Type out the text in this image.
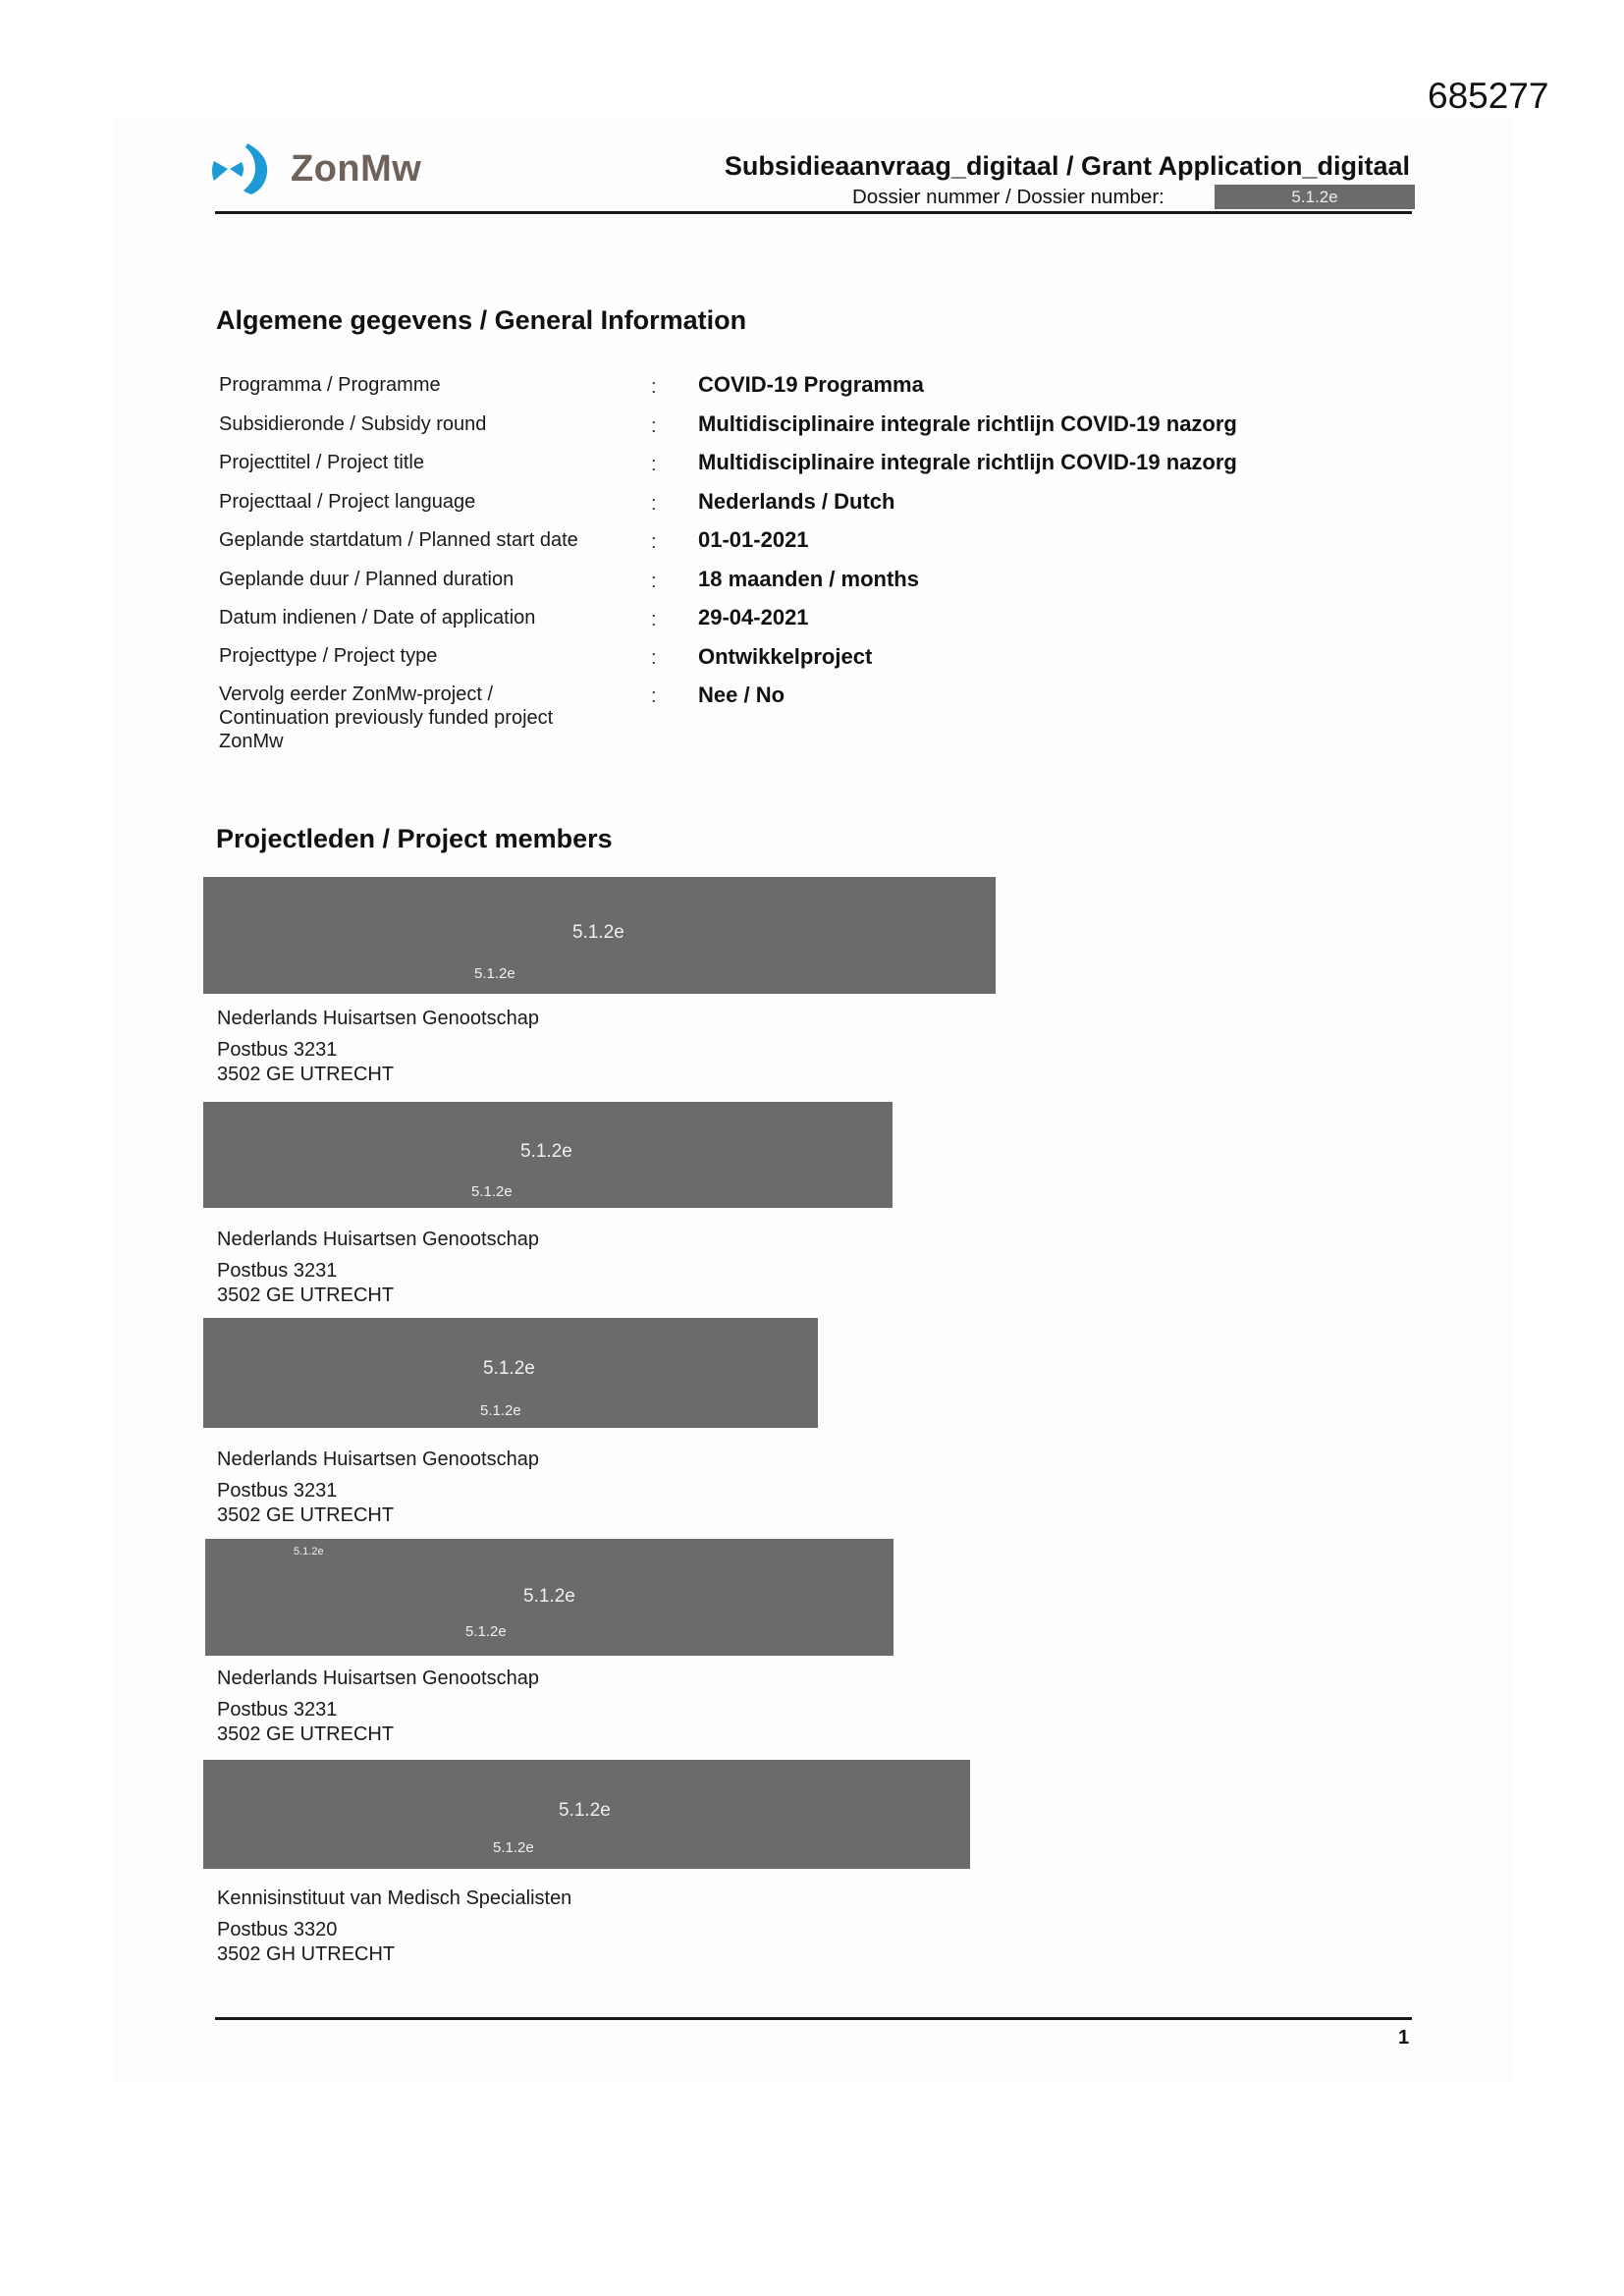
685277
ZonMw	Subsidieaanvraag_digitaal / Grant Application_digitaal
Dossier nummer / Dossier number:	5.1.2e
Algemene gegevens / General Information
Programma / Programme	: COVID-19 Programma
Subsidieronde / Subsidy round	: Multidisciplinaire integrale richtlijn COVID-19 nazorg
Projecttitel / Project title	: Multidisciplinaire integrale richtlijn COVID-19 nazorg
Projecttaal / Project language	: Nederlands / Dutch
Geplande startdatum / Planned start date	: 01-01-2021
Geplande duur / Planned duration	: 18 maanden / months
Datum indienen / Date of application	: 29-04-2021
Projecttype / Project type	: Ontwikkelproject
Vervolg eerder ZonMw-project /
Continuation previously funded project
ZonMw
: Nee / No
Projectleden / Project members
5.1.2e
5.1.2e
Nederlands Huisartsen Genootschap
Postbus 3231
3502 GE UTRECHT
5.1.2e
5.1.2e
Nederlands Huisartsen Genootschap
Postbus 3231
3502 GE UTRECHT
5.1.2e
5.1.2e
Nederlands Huisartsen Genootschap
Postbus 3231
3502 GE UTRECHT
5.1.2e
5.1.2e
5.1.2e
Nederlands Huisartsen Genootschap
Postbus 3231
3502 GE UTRECHT
5.1.2e
5.1.2e
Kennisinstituut van Medisch Specialisten
Postbus 3320
3502 GH UTRECHT
1
